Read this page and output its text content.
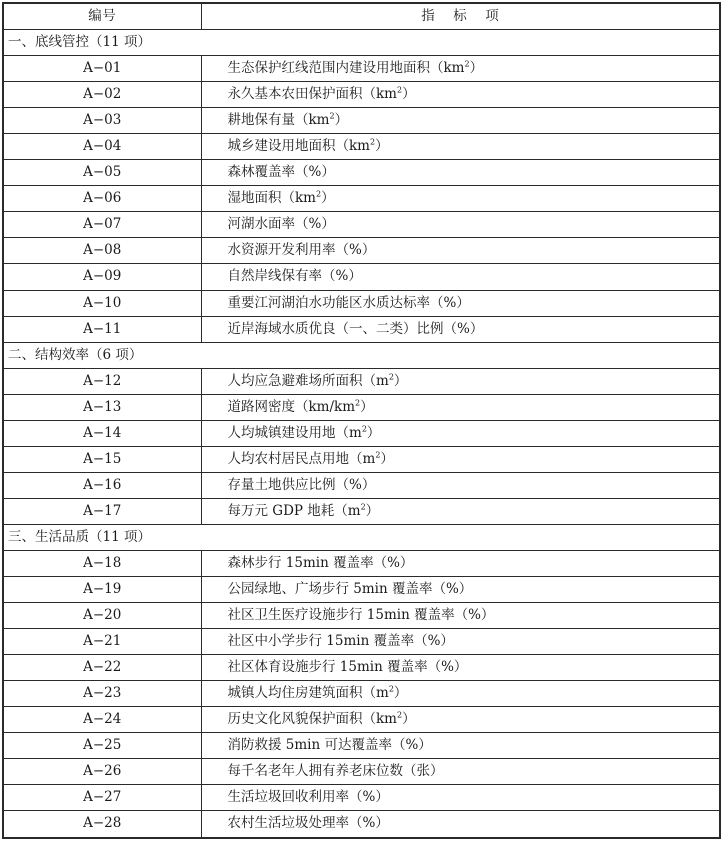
编号	指 标 项
一、底线管控（11 项）	
A−01	生态保护红线范围内建设用地面积$(km^2)$
A−02	永久基本农田保护面积$(km^2)$
A−03	耕地保有量$(km^2)$
A−04	城乡建设用地面积$(km^2)$
A−05	森林覆盖率（%）
A−06	湿地面积$(km^2)$
A−07	河湖水面率（%）
A−08	水资源开发利用率（%）
A−09	自然岸线保有率（%）
A−10	重要江河湖泊水功能区水质达标率（%）
A−11	近岸海域水质优良（一、二类）比例（%）
二、结构效率（6 项）	
A−12	人均应急避难场所面积$(m^2)$
A−13	道路网密度$(km/km^2)$
A−14	人均城镇建设用地$(m^2)$
A−15	人均农村居民点用地$(m^2)$
A−16	存量土地供应比例（%）
A−17	每万元 GDP 地耗$(m^2)$
三、生活品质（11 项）	
A−18	森林步行 15min 覆盖率（%）
A−19	公园绿地、广场步行 5min 覆盖率（%）
A−20	社区卫生医疗设施步行 15min 覆盖率（%）
A−21	社区中小学步行 15min 覆盖率（%）
A−22	社区体育设施步行 15min 覆盖率（%）
A−23	城镇人均住房建筑面积$(m^2)$
A−24	历史文化风貌保护面积$(km^2)$
A−25	消防救援 5min 可达覆盖率（%）
A−26	每千名老年人拥有养老床位数（张）
A−27	生活垃圾回收利用率（%）
A−28	农村生活垃圾处理率（%）
